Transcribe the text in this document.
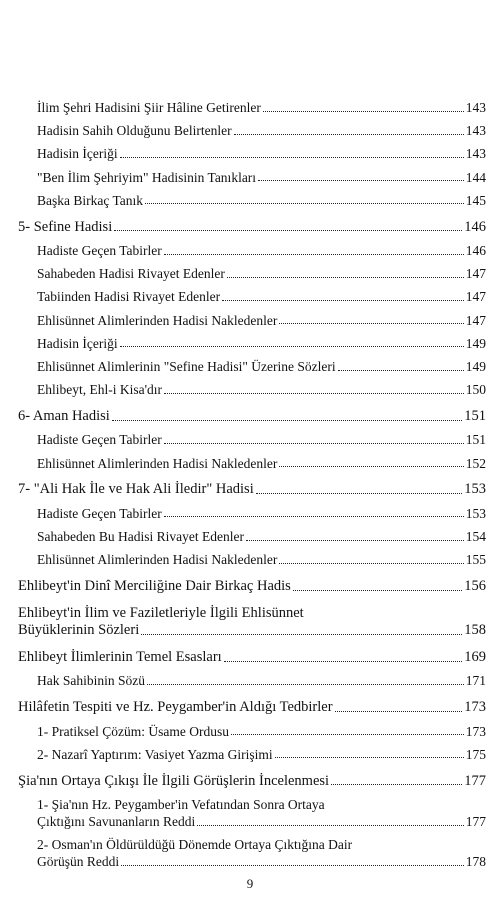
İlim Şehri Hadisini Şiir Hâline Getirenler	143
Hadisin Sahih Olduğunu Belirtenler	143
Hadisin İçeriği	143
"Ben İlim Şehriyim" Hadisinin Tanıkları	144
Başka Birkaç Tanık	145
5- Sefine Hadisi	146
Hadiste Geçen Tabirler	146
Sahabeden Hadisi Rivayet Edenler	147
Tabiinden Hadisi Rivayet Edenler	147
Ehlisünnet Alimlerinden Hadisi Nakledenler	147
Hadisin İçeriği	149
Ehlisünnet Alimlerinin "Sefine Hadisi" Üzerine Sözleri	149
Ehlibeyt, Ehl-i Kisa'dır	150
6- Aman Hadisi	151
Hadiste Geçen Tabirler	151
Ehlisünnet Alimlerinden Hadisi Nakledenler	152
7- "Ali Hak İle ve Hak Ali İledir" Hadisi	153
Hadiste Geçen Tabirler	153
Sahabeden Bu Hadisi Rivayet Edenler	154
Ehlisünnet Alimlerinden Hadisi Nakledenler	155
Ehlibeyt'in Dinî Merciliğine Dair Birkaç Hadis	156
Ehlibeyt'in İlim ve Faziletleriyle İlgili Ehlisünnet
Büyüklerinin Sözleri	158
Ehlibeyt İlimlerinin Temel Esasları	169
Hak Sahibinin Sözü	171
Hilâfetin Tespiti ve Hz. Peygamber'in Aldığı Tedbirler	173
1- Pratiksel Çözüm: Üsame Ordusu	173
2- Nazarî Yaptırım: Vasiyet Yazma Girişimi	175
Şia'nın Ortaya Çıkışı İle İlgili Görüşlerin İncelenmesi	177
1- Şia'nın Hz. Peygamber'in Vefatından Sonra Ortaya
Çıktığını Savunanların Reddi	177
2- Osman'ın Öldürüldüğü Dönemde Ortaya Çıktığına Dair
Görüşün Reddi	178
9
